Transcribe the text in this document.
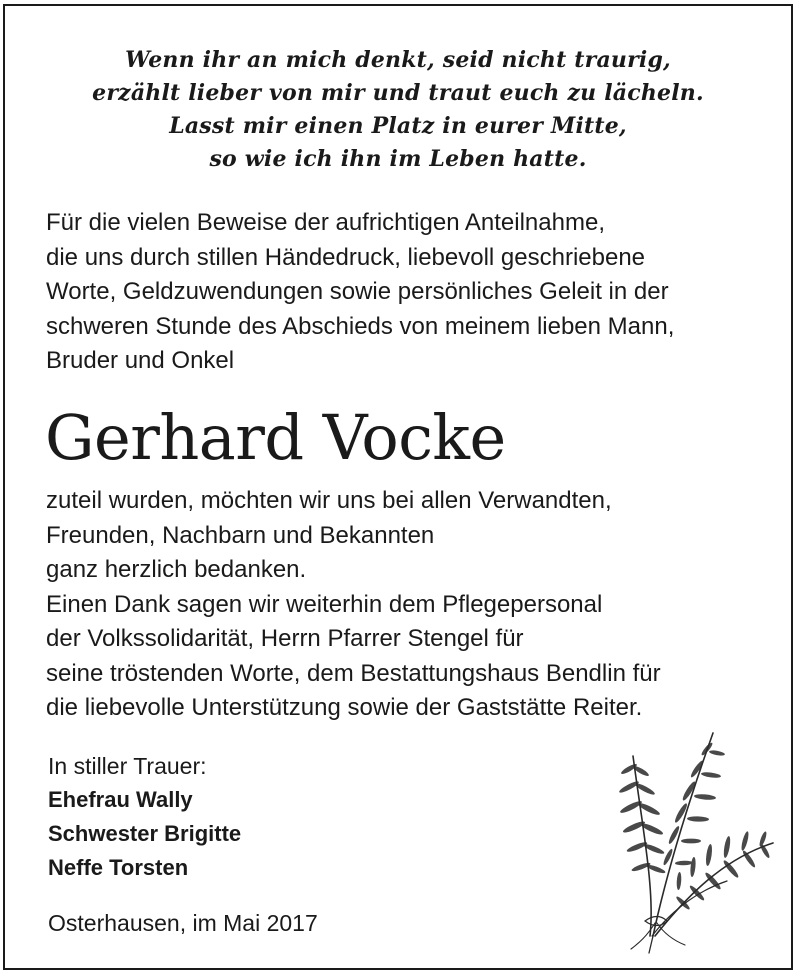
Wenn ihr an mich denkt, seid nicht traurig,
erzählt lieber von mir und traut euch zu lächeln.
Lasst mir einen Platz in eurer Mitte,
so wie ich ihn im Leben hatte.
Für die vielen Beweise der aufrichtigen Anteilnahme,
die uns durch stillen Händedruck, liebevoll geschriebene
Worte, Geldzuwendungen sowie persönliches Geleit in der
schweren Stunde des Abschieds von meinem lieben Mann,
Bruder und Onkel
Gerhard Vocke
zuteil wurden, möchten wir uns bei allen Verwandten,
Freunden, Nachbarn und Bekannten
ganz herzlich bedanken.
Einen Dank sagen wir weiterhin dem Pflegepersonal
der Volkssolidarität, Herrn Pfarrer Stengel für
seine tröstenden Worte, dem Bestattungshaus Bendlin für
die liebevolle Unterstützung sowie der Gaststätte Reiter.
In stiller Trauer:
Ehefrau Wally
Schwester Brigitte
Neffe Torsten
Osterhausen, im Mai 2017
